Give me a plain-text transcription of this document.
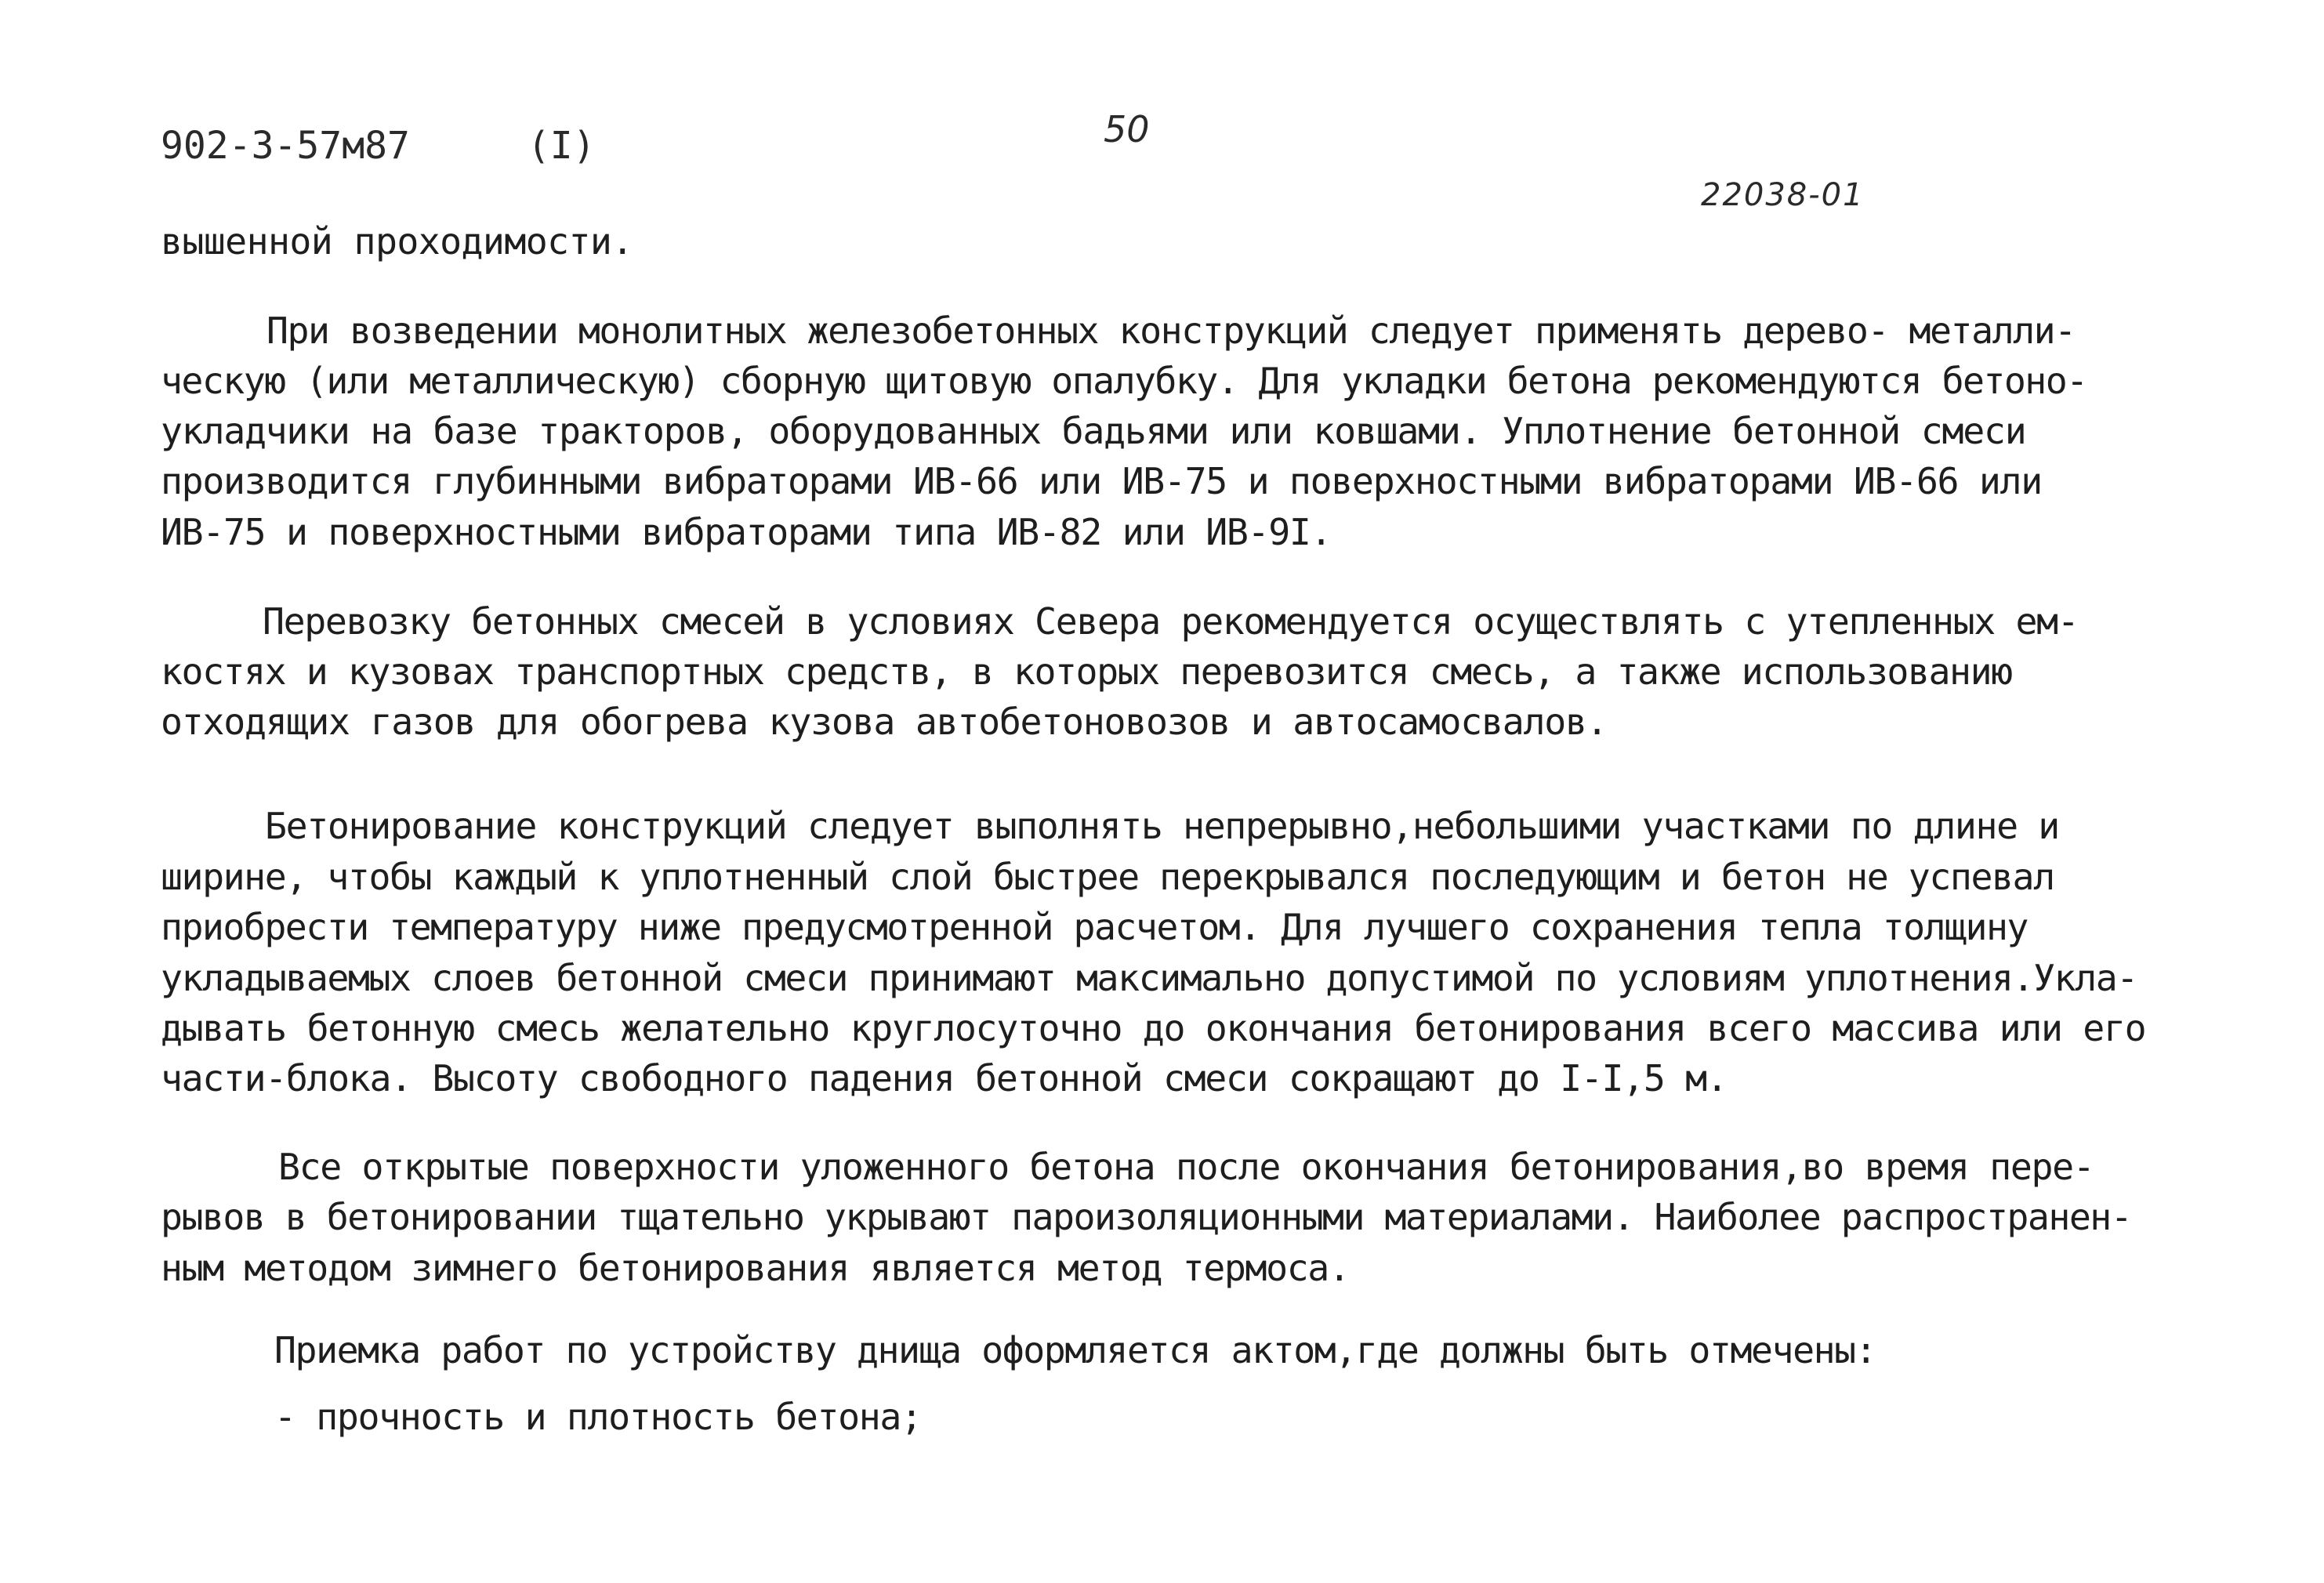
902-3-57м87	(I)	50
22038-01
вышенной проходимости.
При возведении монолитных железобетонных конструкций следует применять дерево- металли-
ческую (или металлическую) сборную щитовую опалубку. Для укладки бетона рекомендуются бетоно-
укладчики на базе тракторов, оборудованных бадьями или ковшами. Уплотнение бетонной смеси
производится глубинными вибраторами ИВ-66 или ИВ-75 и поверхностными вибраторами ИВ-66 или
ИВ-75 и поверхностными вибраторами типа ИВ-82 или ИВ-9I.
Перевозку бетонных смесей в условиях Севера рекомендуется осуществлять с утепленных ем-
костях и кузовах транспортных средств, в которых перевозится смесь, а также использованию
отходящих газов для обогрева кузова автобетоновозов и автосамосвалов.
Бетонирование конструкций следует выполнять непрерывно,небольшими участками по длине и
ширине, чтобы каждый к уплотненный слой быстрее перекрывался последующим и бетон не успевал
приобрести температуру ниже предусмотренной расчетом. Для лучшего сохранения тепла толщину
укладываемых слоев бетонной смеси принимают максимально допустимой по условиям уплотнения.Укла-
дывать бетонную смесь желательно круглосуточно до окончания бетонирования всего массива или его
части-блока. Высоту свободного падения бетонной смеси сокращают до I-I,5 м.
Все открытые поверхности уложенного бетона после окончания бетонирования,во время пере-
рывов в бетонировании тщательно укрывают пароизоляционными материалами. Наиболее распространен-
ным методом зимнего бетонирования является метод термоса.
Приемка работ по устройству днища оформляется актом,где должны быть отмечены:
- прочность и плотность бетона;
